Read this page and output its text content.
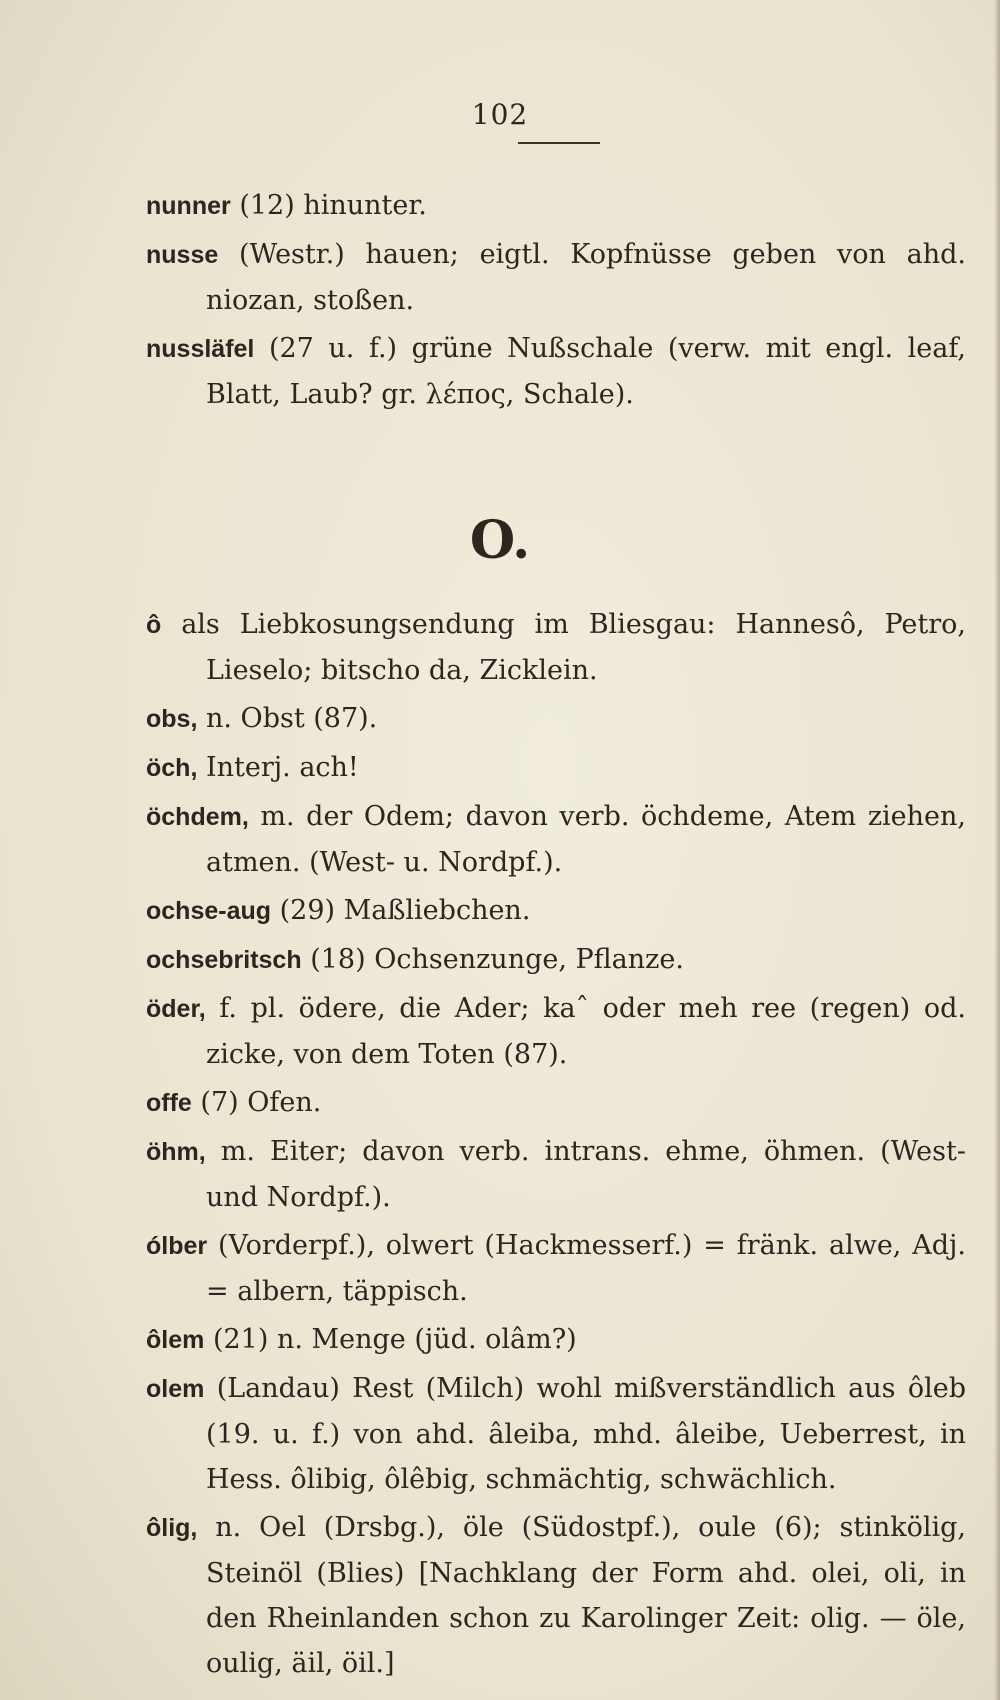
102

nunner (12) hinunter.

nusse (Westr.) hauen; eigtl. Kopfnüsse geben von ahd. niozan, stoßen.

nussläfel (27 u. f.) grüne Nußschale (verw. mit engl. leaf, Blatt, Laub? gr. λέπος, Schale).

O.

ô als Liebkosungsendung im Bliesgau: Hannesô, Petro, Lieselo; bitscho da, Zicklein.

obs, n. Obst (87).

öch, Interj. ach!

öchdem, m. der Odem; davon verb. öchdeme, Atem ziehen, atmen. (West- u. Nordpf.).

ochse-aug (29) Maßliebchen.

ochsebritsch (18) Ochsenzunge, Pflanze.

öder, f. pl. ödere, die Ader; kaˆ oder meh ree (regen) od. zicke, von dem Toten (87).

offe (7) Ofen.

öhm, m. Eiter; davon verb. intrans. ehme, öhmen. (West- und Nordpf.).

ólber (Vorderpf.), olwert (Hackmesserf.) = fränk. alwe, Adj. = albern, täppisch.

ôlem (21) n. Menge (jüd. olâm?)

olem (Landau) Rest (Milch) wohl mißverständlich aus ôleb (19. u. f.) von ahd. âleiba, mhd. âleibe, Ueberrest, in Hess. ôlibig, ôlêbig, schmächtig, schwächlich.

ôlig, n. Oel (Drsbg.), öle (Südostpf.), oule (6); stinkölig, Steinöl (Blies) [Nachklang der Form ahd. olei, oli, in den Rheinlanden schon zu Karolinger Zeit: olig. — öle, oulig, äil, öil.]
